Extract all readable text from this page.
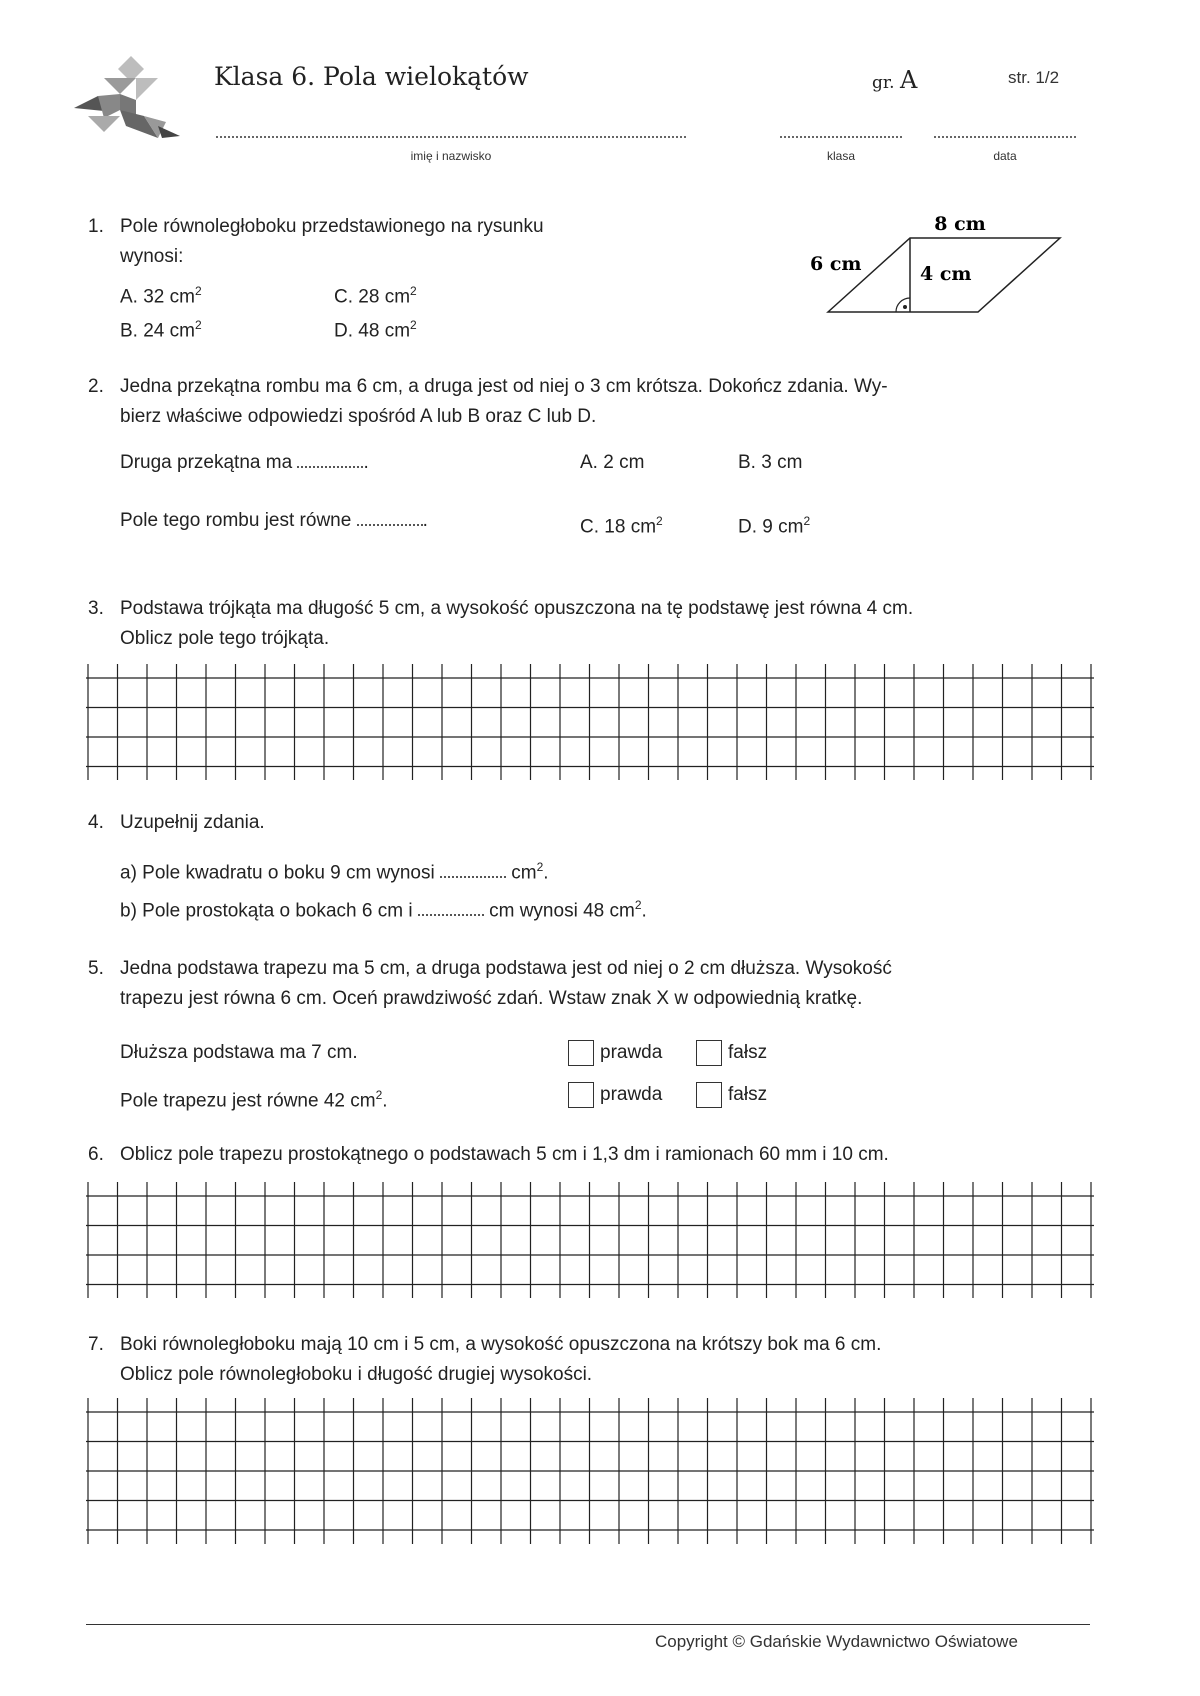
Klasa 6. Pola wielokątów	gr. A	str. 1/2
imię i nazwisko	klasa	data
1. Pole równoległoboku przedstawionego na rysunku
wynosi:
A. 32 $cm^2$	C. 28 $cm^2$
B. 24 $cm^2$	D. 48 $cm^2$
8 cm
6 cm	4 cm
2. Jedna przekątna rombu ma 6 cm, a druga jest od niej o 3 cm krótsza. Dokończ zdania. Wy-
bierz właściwe odpowiedzi spośród A lub B oraz C lub D.
Druga przekątna ma	.	A. 2 cm	B. 3 cm
Pole tego rombu jest równe	.	C. 18 $cm^2$	D. 9 $cm^2$
3. Podstawa trójkąta ma długość 5 cm, a wysokość opuszczona na tę podstawę jest równa 4 cm.
Oblicz pole tego trójkąta.
4. Uzupełnij zdania.
a) Pole kwadratu o boku 9 cm wynosi	$cm^2$.
b) Pole prostokąta o bokach 6 cm i	cm wynosi 48 $cm^2$.
5. Jedna podstawa trapezu ma 5 cm, a druga podstawa jest od niej o 2 cm dłuższa. Wysokość
trapezu jest równa 6 cm. Oceń prawdziwość zdań. Wstaw znak X w odpowiednią kratkę.
Dłuższa podstawa ma 7 cm.	prawda	fałsz
Pole trapezu jest równe 42 $cm^2$.	prawda	fałsz
6. Oblicz pole trapezu prostokątnego o podstawach 5 cm i 1,3 dm i ramionach 60 mm i 10 cm.
7. Boki równoległoboku mają 10 cm i 5 cm, a wysokość opuszczona na krótszy bok ma 6 cm.
Oblicz pole równoległoboku i długość drugiej wysokości.
Copyright © Gdańskie Wydawnictwo Oświatowe
